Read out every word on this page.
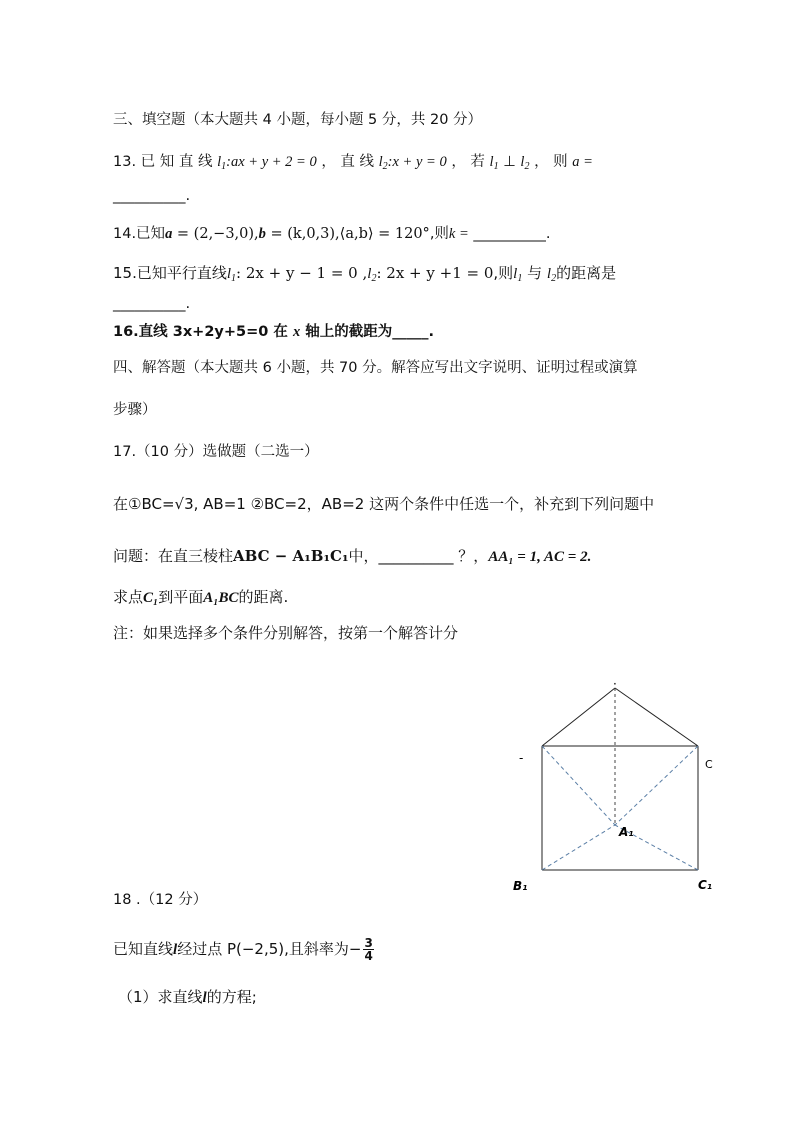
三、填空题（本大题共 4 小题，每小题 5 分，共 20 分）
13. 已 知 直 线 $l_1:ax + y + 2 = 0$ ， 直 线 $l_2:x + y = 0$ ， 若 $l_1$ ⊥ $l_2$ ， 则 a =
__________.
14.已知a = (2,−3,0),b = (k,0,3),⟨a,b⟩ = 120°,则k = __________.
15.已知平行直线$l_1$: 2x + y − 1 = 0 $,l_2$: 2x + y +1 = 0,则$l_1$ 与 $l_2$的距离是
__________.
16.直线 3x+2y+5=0 在 x 轴上的截距为_____.
四、解答题（本大题共 6 小题，共 70 分。解答应写出文字说明、证明过程或演算
步骤）
17.（10 分）选做题（二选一）
在①BC=√3, AB=1 ②BC=2，AB=2 这两个条件中任选一个，补充到下列问题中
问题：在直三棱柱ABC − A₁B₁C₁中，__________ ？，AA₁ = 1, AC = 2.
求点C₁到平面A₁BC的距离.
注：如果选择多个条件分别解答，按第一个解答计分
·
-	C
A₁
B₁	C₁
18 .（12 分）
已知直线l经过点 P(−2,5),且斜率为− $\frac{3}{4}$
（1）求直线l的方程;
